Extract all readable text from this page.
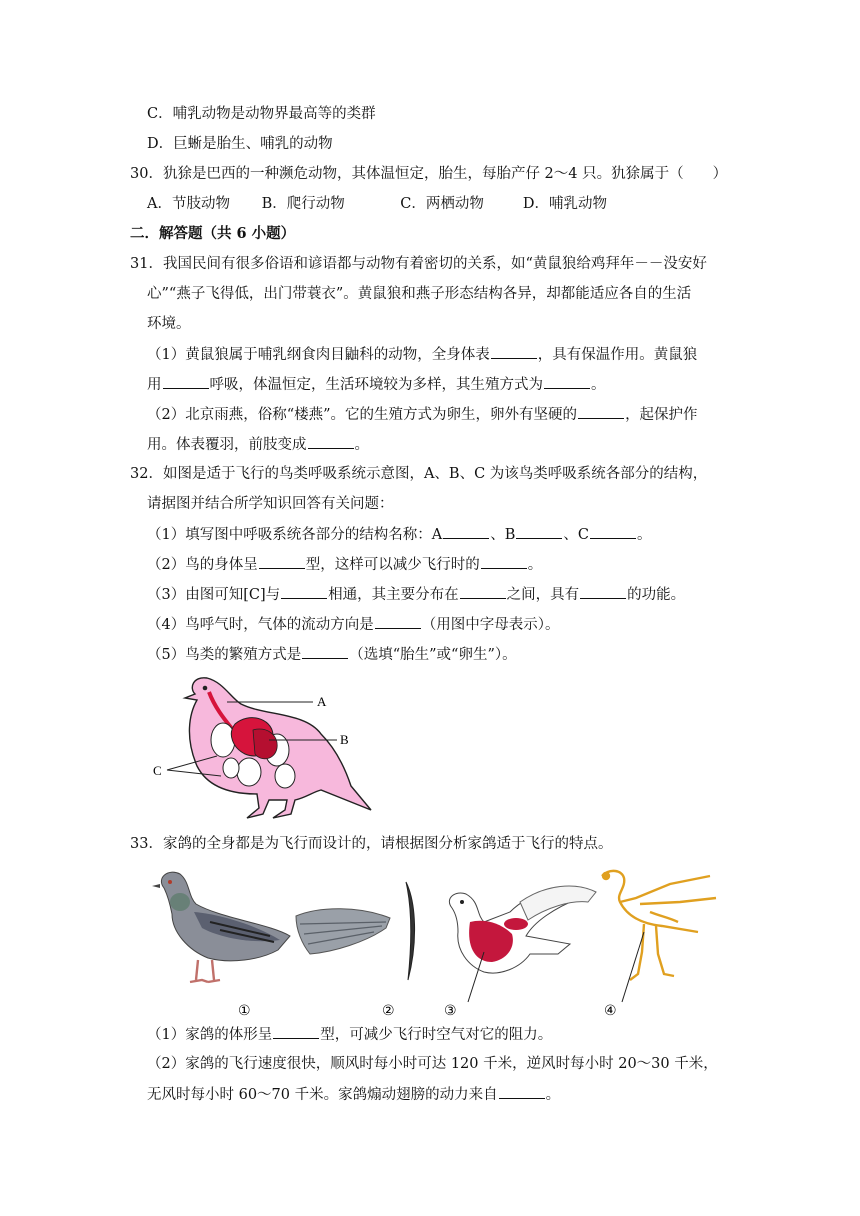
C．哺乳动物是动物界最高等的类群
D．巨蜥是胎生、哺乳的动物
30．犰狳是巴西的一种濒危动物，其体温恒定，胎生，每胎产仔 2～4 只。犰狳属于（　　）
A．节肢动物 B．爬行动物	C．两栖动物	D．哺乳动物
二．解答题（共 6 小题）
31．我国民间有很多俗语和谚语都与动物有着密切的关系，如“黄鼠狼给鸡拜年－－没安好
心”“燕子飞得低，出门带蓑衣”。黄鼠狼和燕子形态结构各异，却都能适应各自的生活
环境。
（1）黄鼠狼属于哺乳纲食肉目鼬科的动物，全身体表	，具有保温作用。黄鼠狼
用	呼吸，体温恒定，生活环境较为多样，其生殖方式为	。
（2）北京雨燕，俗称“楼燕”。它的生殖方式为卵生，卵外有坚硬的	，起保护作
用。体表覆羽，前肢变成	。
32．如图是适于飞行的鸟类呼吸系统示意图，A、B、C 为该鸟类呼吸系统各部分的结构，
请据图并结合所学知识回答有关问题：
（1）填写图中呼吸系统各部分的结构名称：A	、B	、C	。
（2）鸟的身体呈	型，这样可以减少飞行时的	。
（3）由图可知[C]与	相通，其主要分布在	之间，具有	的功能。
（4）鸟呼气时，气体的流动方向是	（用图中字母表示）。
（5）鸟类的繁殖方式是	（选填“胎生”或“卵生”）。
A
B
C
33．家鸽的全身都是为飞行而设计的，请根据图分析家鸽适于飞行的特点。
①	②	③	④
（1）家鸽的体形呈	型，可减少飞行时空气对它的阻力。
（2）家鸽的飞行速度很快，顺风时每小时可达 120 千米，逆风时每小时 20～30 千米，
无风时每小时 60～70 千米。家鸽煽动翅膀的动力来自	。
